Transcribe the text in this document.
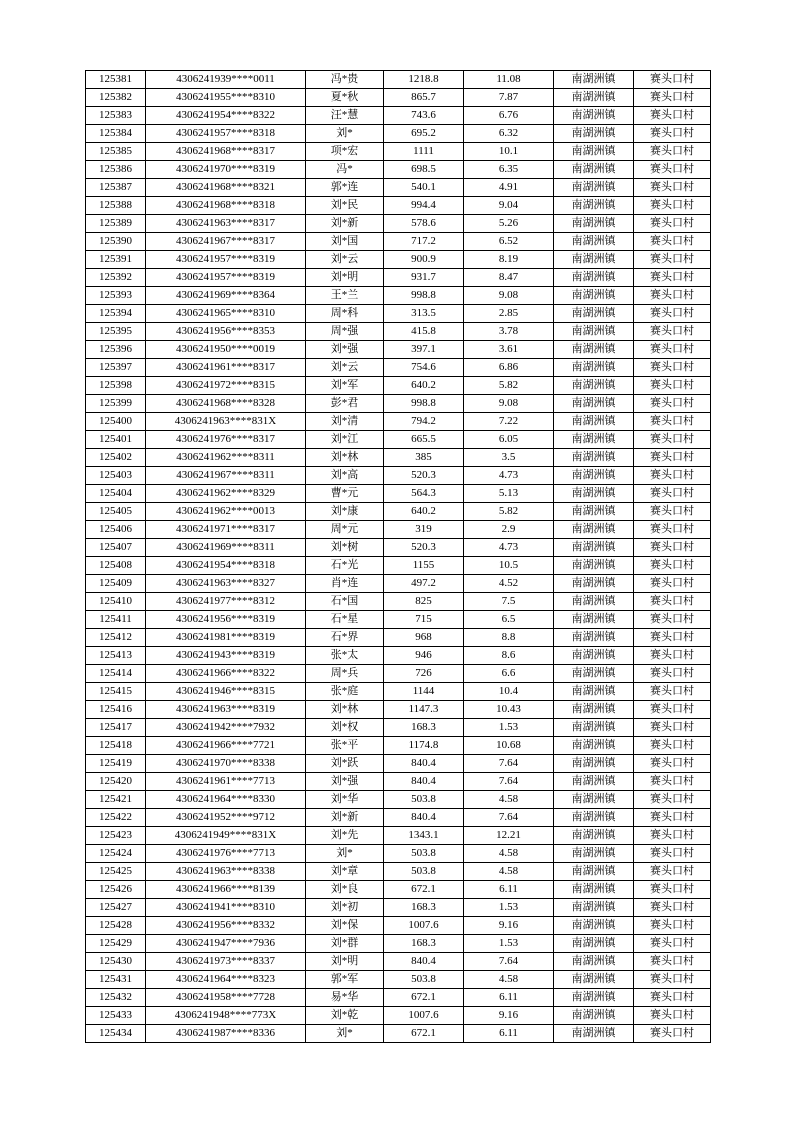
125381	4306241939****0011	冯*贵	1218.8	11.08	南湖洲镇	赛头口村
125382	4306241955****8310	夏*秋	865.7	7.87	南湖洲镇	赛头口村
125383	4306241954****8322	汪*慧	743.6	6.76	南湖洲镇	赛头口村
125384	4306241957****8318	刘*	695.2	6.32	南湖洲镇	赛头口村
125385	4306241968****8317	项*宏	1111	10.1	南湖洲镇	赛头口村
125386	4306241970****8319	冯*	698.5	6.35	南湖洲镇	赛头口村
125387	4306241968****8321	郭*连	540.1	4.91	南湖洲镇	赛头口村
125388	4306241968****8318	刘*民	994.4	9.04	南湖洲镇	赛头口村
125389	4306241963****8317	刘*新	578.6	5.26	南湖洲镇	赛头口村
125390	4306241967****8317	刘*国	717.2	6.52	南湖洲镇	赛头口村
125391	4306241957****8319	刘*云	900.9	8.19	南湖洲镇	赛头口村
125392	4306241957****8319	刘*明	931.7	8.47	南湖洲镇	赛头口村
125393	4306241969****8364	王*兰	998.8	9.08	南湖洲镇	赛头口村
125394	4306241965****8310	周*科	313.5	2.85	南湖洲镇	赛头口村
125395	4306241956****8353	周*强	415.8	3.78	南湖洲镇	赛头口村
125396	4306241950****0019	刘*强	397.1	3.61	南湖洲镇	赛头口村
125397	4306241961****8317	刘*云	754.6	6.86	南湖洲镇	赛头口村
125398	4306241972****8315	刘*军	640.2	5.82	南湖洲镇	赛头口村
125399	4306241968****8328	彭*君	998.8	9.08	南湖洲镇	赛头口村
125400	4306241963****831X	刘*清	794.2	7.22	南湖洲镇	赛头口村
125401	4306241976****8317	刘*江	665.5	6.05	南湖洲镇	赛头口村
125402	4306241962****8311	刘*林	385	3.5	南湖洲镇	赛头口村
125403	4306241967****8311	刘*高	520.3	4.73	南湖洲镇	赛头口村
125404	4306241962****8329	曹*元	564.3	5.13	南湖洲镇	赛头口村
125405	4306241962****0013	刘*康	640.2	5.82	南湖洲镇	赛头口村
125406	4306241971****8317	周*元	319	2.9	南湖洲镇	赛头口村
125407	4306241969****8311	刘*树	520.3	4.73	南湖洲镇	赛头口村
125408	4306241954****8318	石*光	1155	10.5	南湖洲镇	赛头口村
125409	4306241963****8327	肖*连	497.2	4.52	南湖洲镇	赛头口村
125410	4306241977****8312	石*国	825	7.5	南湖洲镇	赛头口村
125411	4306241956****8319	石*星	715	6.5	南湖洲镇	赛头口村
125412	4306241981****8319	石*界	968	8.8	南湖洲镇	赛头口村
125413	4306241943****8319	张*太	946	8.6	南湖洲镇	赛头口村
125414	4306241966****8322	周*兵	726	6.6	南湖洲镇	赛头口村
125415	4306241946****8315	张*庭	1144	10.4	南湖洲镇	赛头口村
125416	4306241963****8319	刘*林	1147.3	10.43	南湖洲镇	赛头口村
125417	4306241942****7932	刘*权	168.3	1.53	南湖洲镇	赛头口村
125418	4306241966****7721	张*平	1174.8	10.68	南湖洲镇	赛头口村
125419	4306241970****8338	刘*跃	840.4	7.64	南湖洲镇	赛头口村
125420	4306241961****7713	刘*强	840.4	7.64	南湖洲镇	赛头口村
125421	4306241964****8330	刘*华	503.8	4.58	南湖洲镇	赛头口村
125422	4306241952****9712	刘*新	840.4	7.64	南湖洲镇	赛头口村
125423	4306241949****831X	刘*先	1343.1	12.21	南湖洲镇	赛头口村
125424	4306241976****7713	刘*	503.8	4.58	南湖洲镇	赛头口村
125425	4306241963****8338	刘*章	503.8	4.58	南湖洲镇	赛头口村
125426	4306241966****8139	刘*良	672.1	6.11	南湖洲镇	赛头口村
125427	4306241941****8310	刘*初	168.3	1.53	南湖洲镇	赛头口村
125428	4306241956****8332	刘*保	1007.6	9.16	南湖洲镇	赛头口村
125429	4306241947****7936	刘*群	168.3	1.53	南湖洲镇	赛头口村
125430	4306241973****8337	刘*明	840.4	7.64	南湖洲镇	赛头口村
125431	4306241964****8323	郭*军	503.8	4.58	南湖洲镇	赛头口村
125432	4306241958****7728	易*华	672.1	6.11	南湖洲镇	赛头口村
125433	4306241948****773X	刘*乾	1007.6	9.16	南湖洲镇	赛头口村
125434	4306241987****8336	刘*	672.1	6.11	南湖洲镇	赛头口村
